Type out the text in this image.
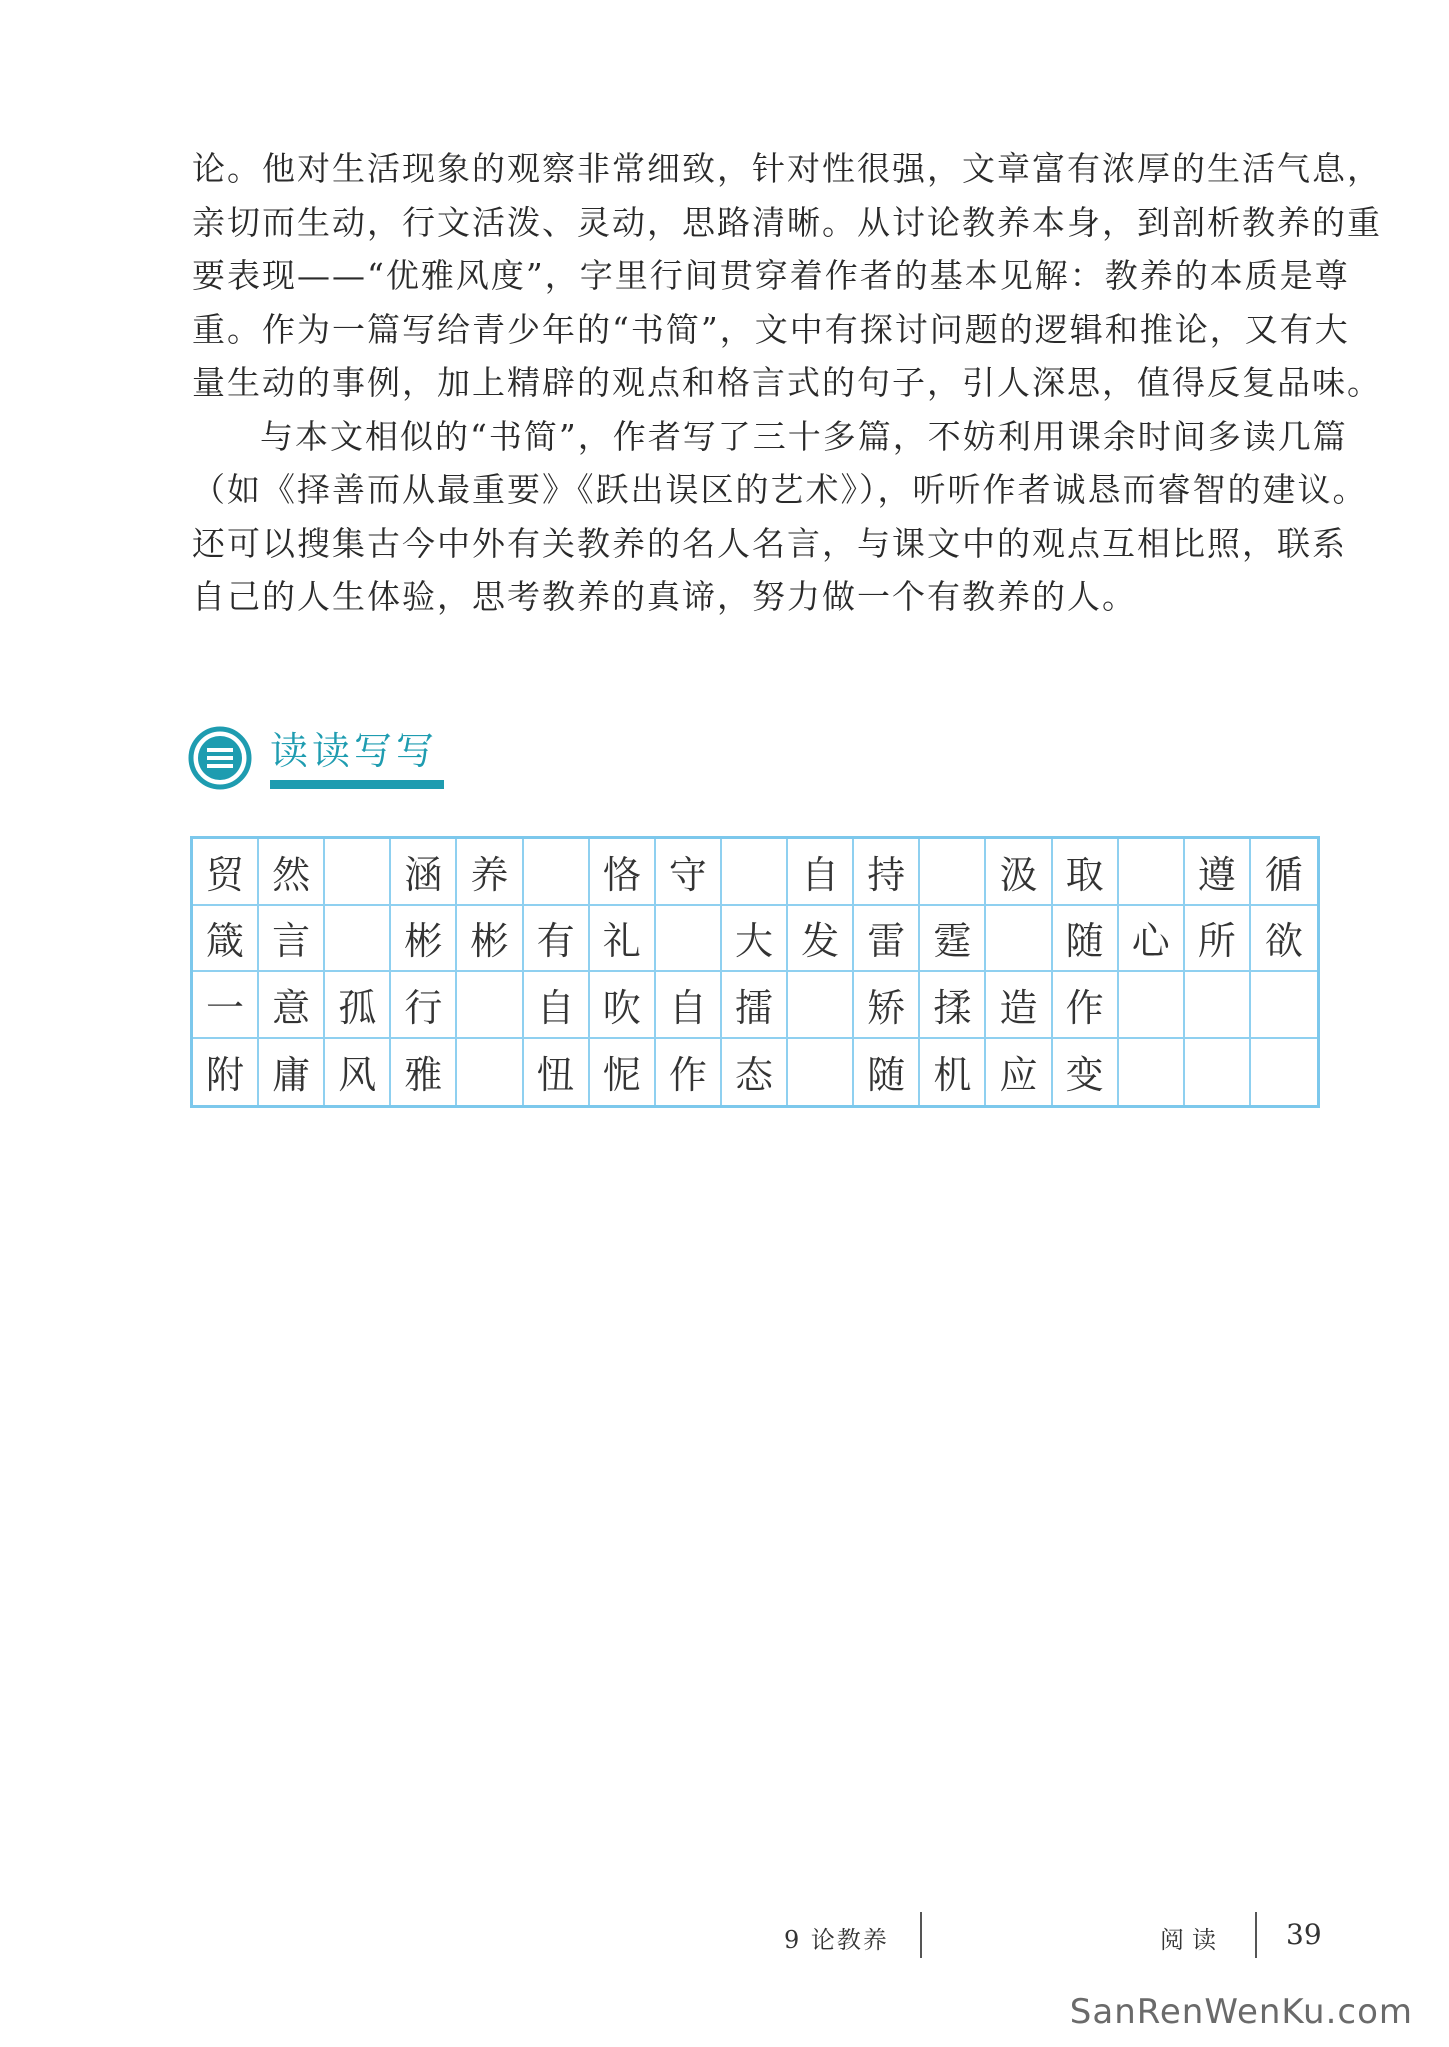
论。他对生活现象的观察非常细致，针对性很强，文章富有浓厚的生活气息，

亲切而生动，行文活泼、灵动，思路清晰。从讨论教养本身，到剖析教养的重

要表现——“优雅风度”，字里行间贯穿着作者的基本见解：教养的本质是尊

重。作为一篇写给青少年的“书简”，文中有探讨问题的逻辑和推论，又有大

量生动的事例，加上精辟的观点和格言式的句子，引人深思，值得反复品味。

与本文相似的“书简”，作者写了三十多篇，不妨利用课余时间多读几篇

（如《择善而从最重要》《跃出误区的艺术》），听听作者诚恳而睿智的建议。

还可以搜集古今中外有关教养的名人名言，与课文中的观点互相比照，联系

自己的人生体验，思考教养的真谛，努力做一个有教养的人。

读读写写
贸 然	涵 养	恪 守	自 持	汲 取	遵 循
箴 言	彬 彬 有 礼	大 发 雷 霆	随 心 所 欲
一 意 孤 行	自 吹 自 擂	矫 揉 造 作
附 庸 风 雅	忸 怩 作 态	随 机 应 变
9 论教养	阅读 39
SanRenWenKu.com
